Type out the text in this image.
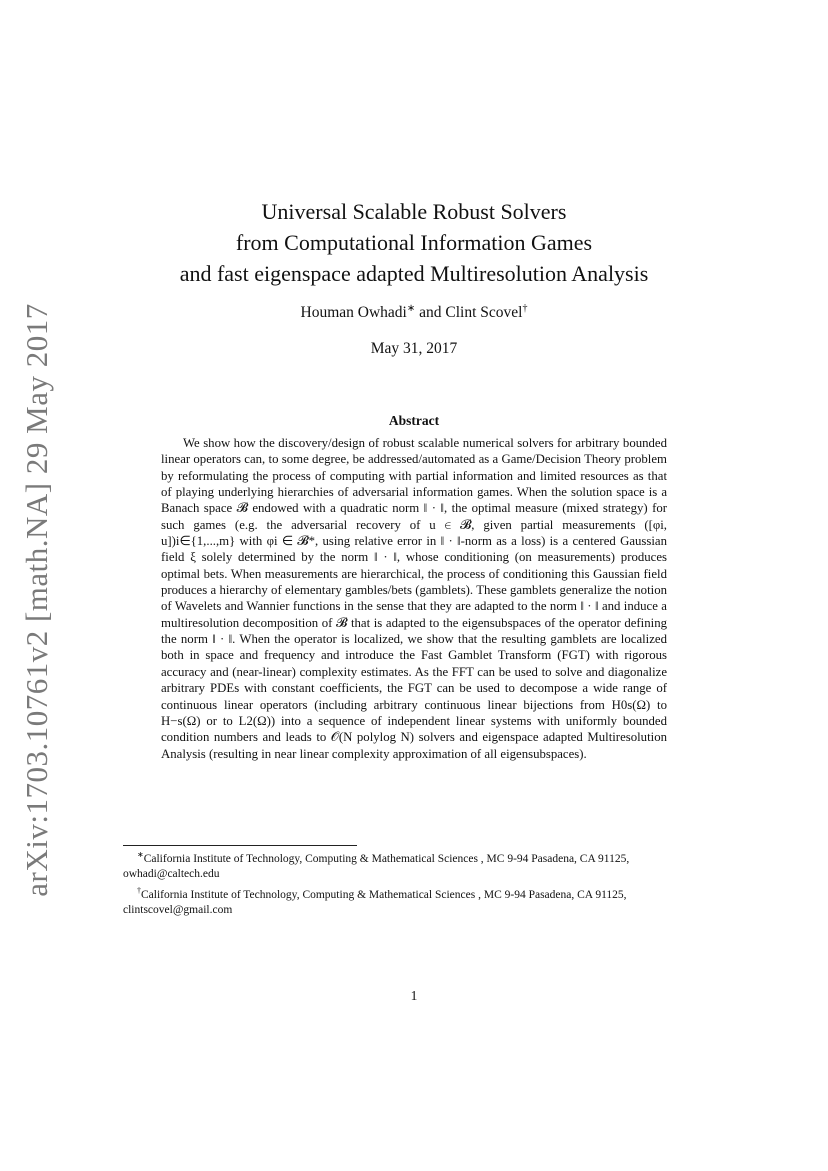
arXiv:1703.10761v2 [math.NA] 29 May 2017
Universal Scalable Robust Solvers
from Computational Information Games
and fast eigenspace adapted Multiresolution Analysis
Houman Owhadi∗ and Clint Scovel†
May 31, 2017
Abstract

We show how the discovery/design of robust scalable numerical solvers for arbitrary bounded linear operators can, to some degree, be addressed/automated as a Game/Decision Theory problem by reformulating the process of computing with partial information and limited resources as that of playing underlying hierarchies of adversarial information games. When the solution space is a Banach space 𝓑 endowed with a quadratic norm ‖ · ‖, the optimal measure (mixed strategy) for such games (e.g. the adversarial recovery of u ∈ 𝓑, given partial measurements ([φi, u])i∈{1,...,m} with φi ∈ 𝓑*, using relative error in ‖ · ‖-norm as a loss) is a centered Gaussian field ξ solely determined by the norm ‖ · ‖, whose conditioning (on measurements) produces optimal bets. When measurements are hierarchical, the process of conditioning this Gaussian field produces a hierarchy of elementary gambles/bets (gamblets). These gamblets generalize the notion of Wavelets and Wannier functions in the sense that they are adapted to the norm ‖ · ‖ and induce a multiresolution decomposition of 𝓑 that is adapted to the eigensubspaces of the operator defining the norm ‖ · ‖. When the operator is localized, we show that the resulting gamblets are localized both in space and frequency and introduce the Fast Gamblet Transform (FGT) with rigorous accuracy and (near-linear) complexity estimates. As the FFT can be used to solve and diagonalize arbitrary PDEs with constant coefficients, the FGT can be used to decompose a wide range of continuous linear operators (including arbitrary continuous linear bijections from H0s(Ω) to H−s(Ω) or to L2(Ω)) into a sequence of independent linear systems with uniformly bounded condition numbers and leads to 𝒪(N polylog N) solvers and eigenspace adapted Multiresolution Analysis (resulting in near linear complexity approximation of all eigensubspaces).

∗California Institute of Technology, Computing & Mathematical Sciences , MC 9-94 Pasadena, CA 91125, owhadi@caltech.edu

†California Institute of Technology, Computing & Mathematical Sciences , MC 9-94 Pasadena, CA 91125, clintscovel@gmail.com

1
